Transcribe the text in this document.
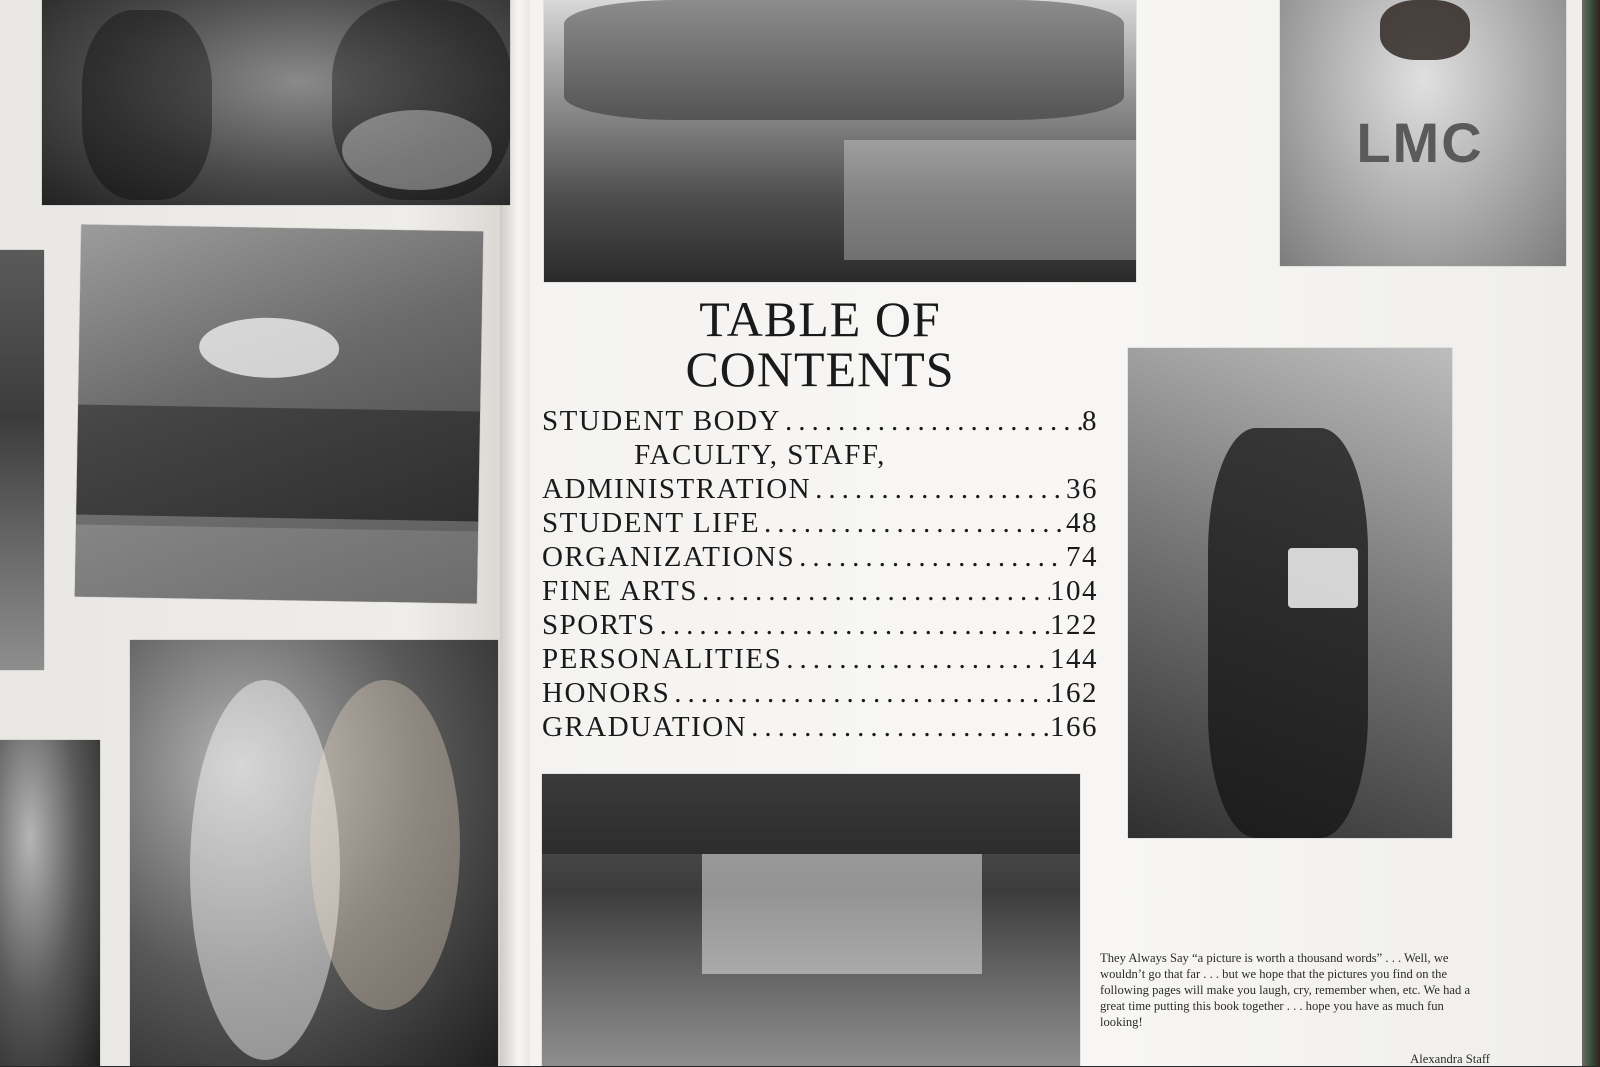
LMC
TABLE OF CONTENTS
STUDENT BODY .....	8
FACULTY, STAFF,
ADMINISTRATION .....	36
STUDENT LIFE .....	48
ORGANIZATIONS .....	74
FINE ARTS .....	104
SPORTS .....	122
PERSONALITIES .....	144
HONORS .....	162
GRADUATION .....	166

They Always Say “a picture is worth a thousand words” . . . Well, we wouldn’t go that far . . . but we hope that the pictures you find on the following pages will make you laugh, cry, remember when, etc. We had a great time putting this book together . . . hope you have as much fun looking!

Alexandra Staff
